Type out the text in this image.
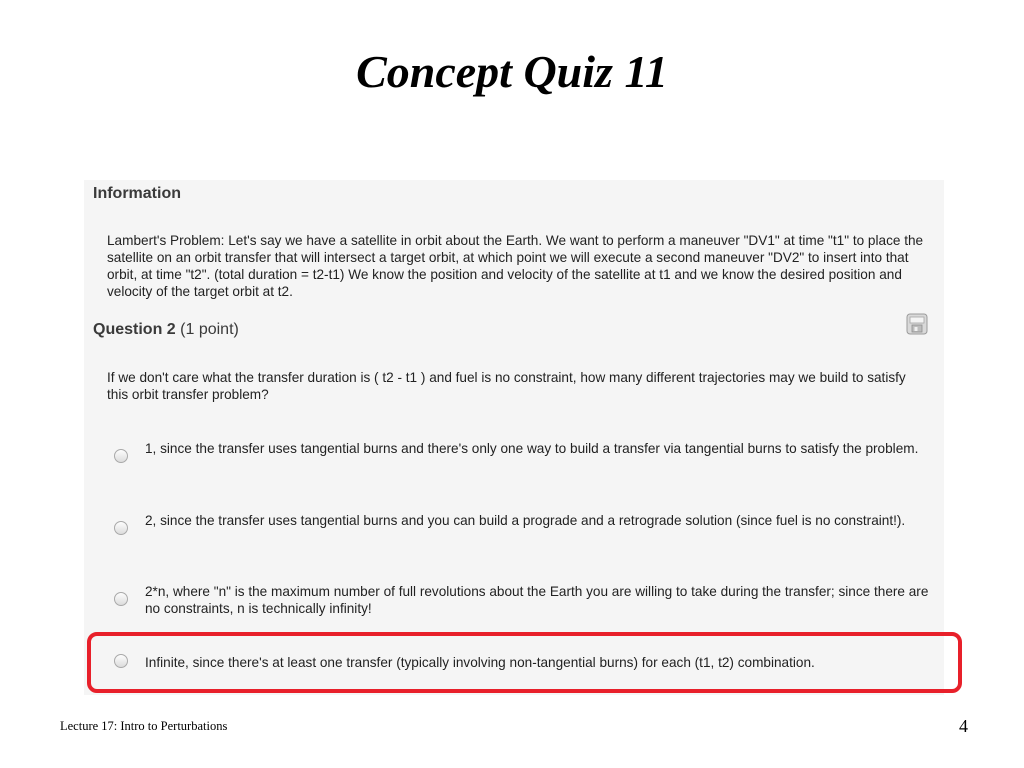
Concept Quiz 11
Information

Lambert's Problem: Let's say we have a satellite in orbit about the Earth. We want to perform a maneuver "DV1" at time "t1" to place the satellite on an orbit transfer that will intersect a target orbit, at which point we will execute a second maneuver "DV2" to insert into that orbit, at time "t2". (total duration = t2-t1) We know the position and velocity of the satellite at t1 and we know the desired position and velocity of the target orbit at t2.

Question 2 (1 point)

If we don't care what the transfer duration is ( t2 - t1 ) and fuel is no constraint, how many different trajectories may we build to satisfy this orbit transfer problem?

1, since the transfer uses tangential burns and there's only one way to build a transfer via tangential burns to satisfy the problem.
2, since the transfer uses tangential burns and you can build a prograde and a retrograde solution (since fuel is no constraint!).
2*n, where "n" is the maximum number of full revolutions about the Earth you are willing to take during the transfer; since there are no constraints, n is technically infinity!
Infinite, since there's at least one transfer (typically involving non-tangential burns) for each (t1, t2) combination.
Lecture 17: Intro to Perturbations	4
